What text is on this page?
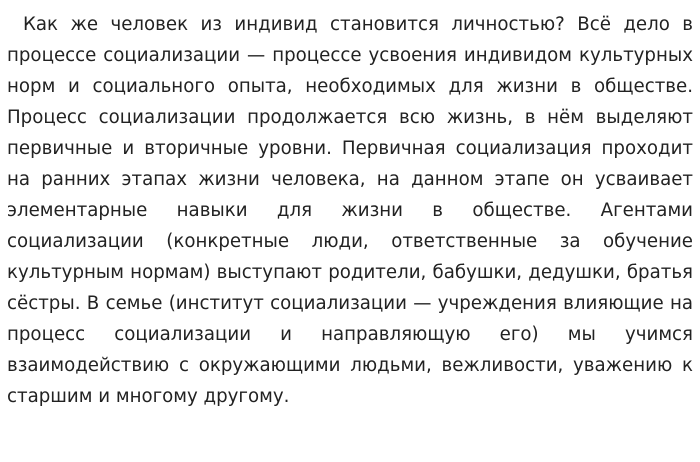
Как же человек из индивид становится личностью? Всё дело в процессе социализации — процессе усвоения индивидом культурных норм и социального опыта, необходимых для жизни в обществе. Процесс социализации продолжается всю жизнь, в нём выделяют первичные и вторичные уровни. Первичная социализация проходит на ранних этапах жизни человека, на данном этапе он усваивает элементарные навыки для жизни в обществе. Агентами социализации (конкретные люди, ответственные за обучение культурным нормам) выступают родители, бабушки, дедушки, братья сёстры. В семье (институт социализации — учреждения влияющие на процесс социализации и направляющую его) мы учимся взаимодействию с окружающими людьми, вежливости, уважению к старшим и многому другому.
